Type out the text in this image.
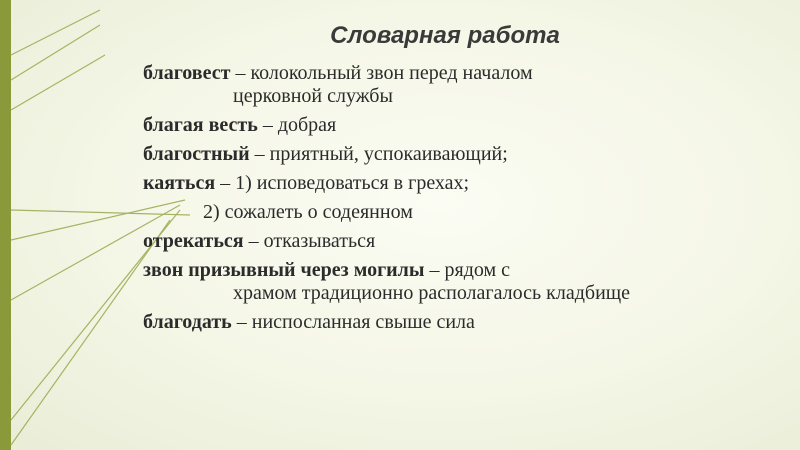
Словарная работа
благовест – колокольный звон перед началом
церковной службы
благая весть – добрая
благостный – приятный, успокаивающий;
каяться – 1) исповедоваться в грехах;
2) сожалеть о содеянном
отрекаться – отказываться
звон призывный через могилы – рядом с
храмом традиционно располагалось кладбище
благодать – ниспосланная свыше сила
